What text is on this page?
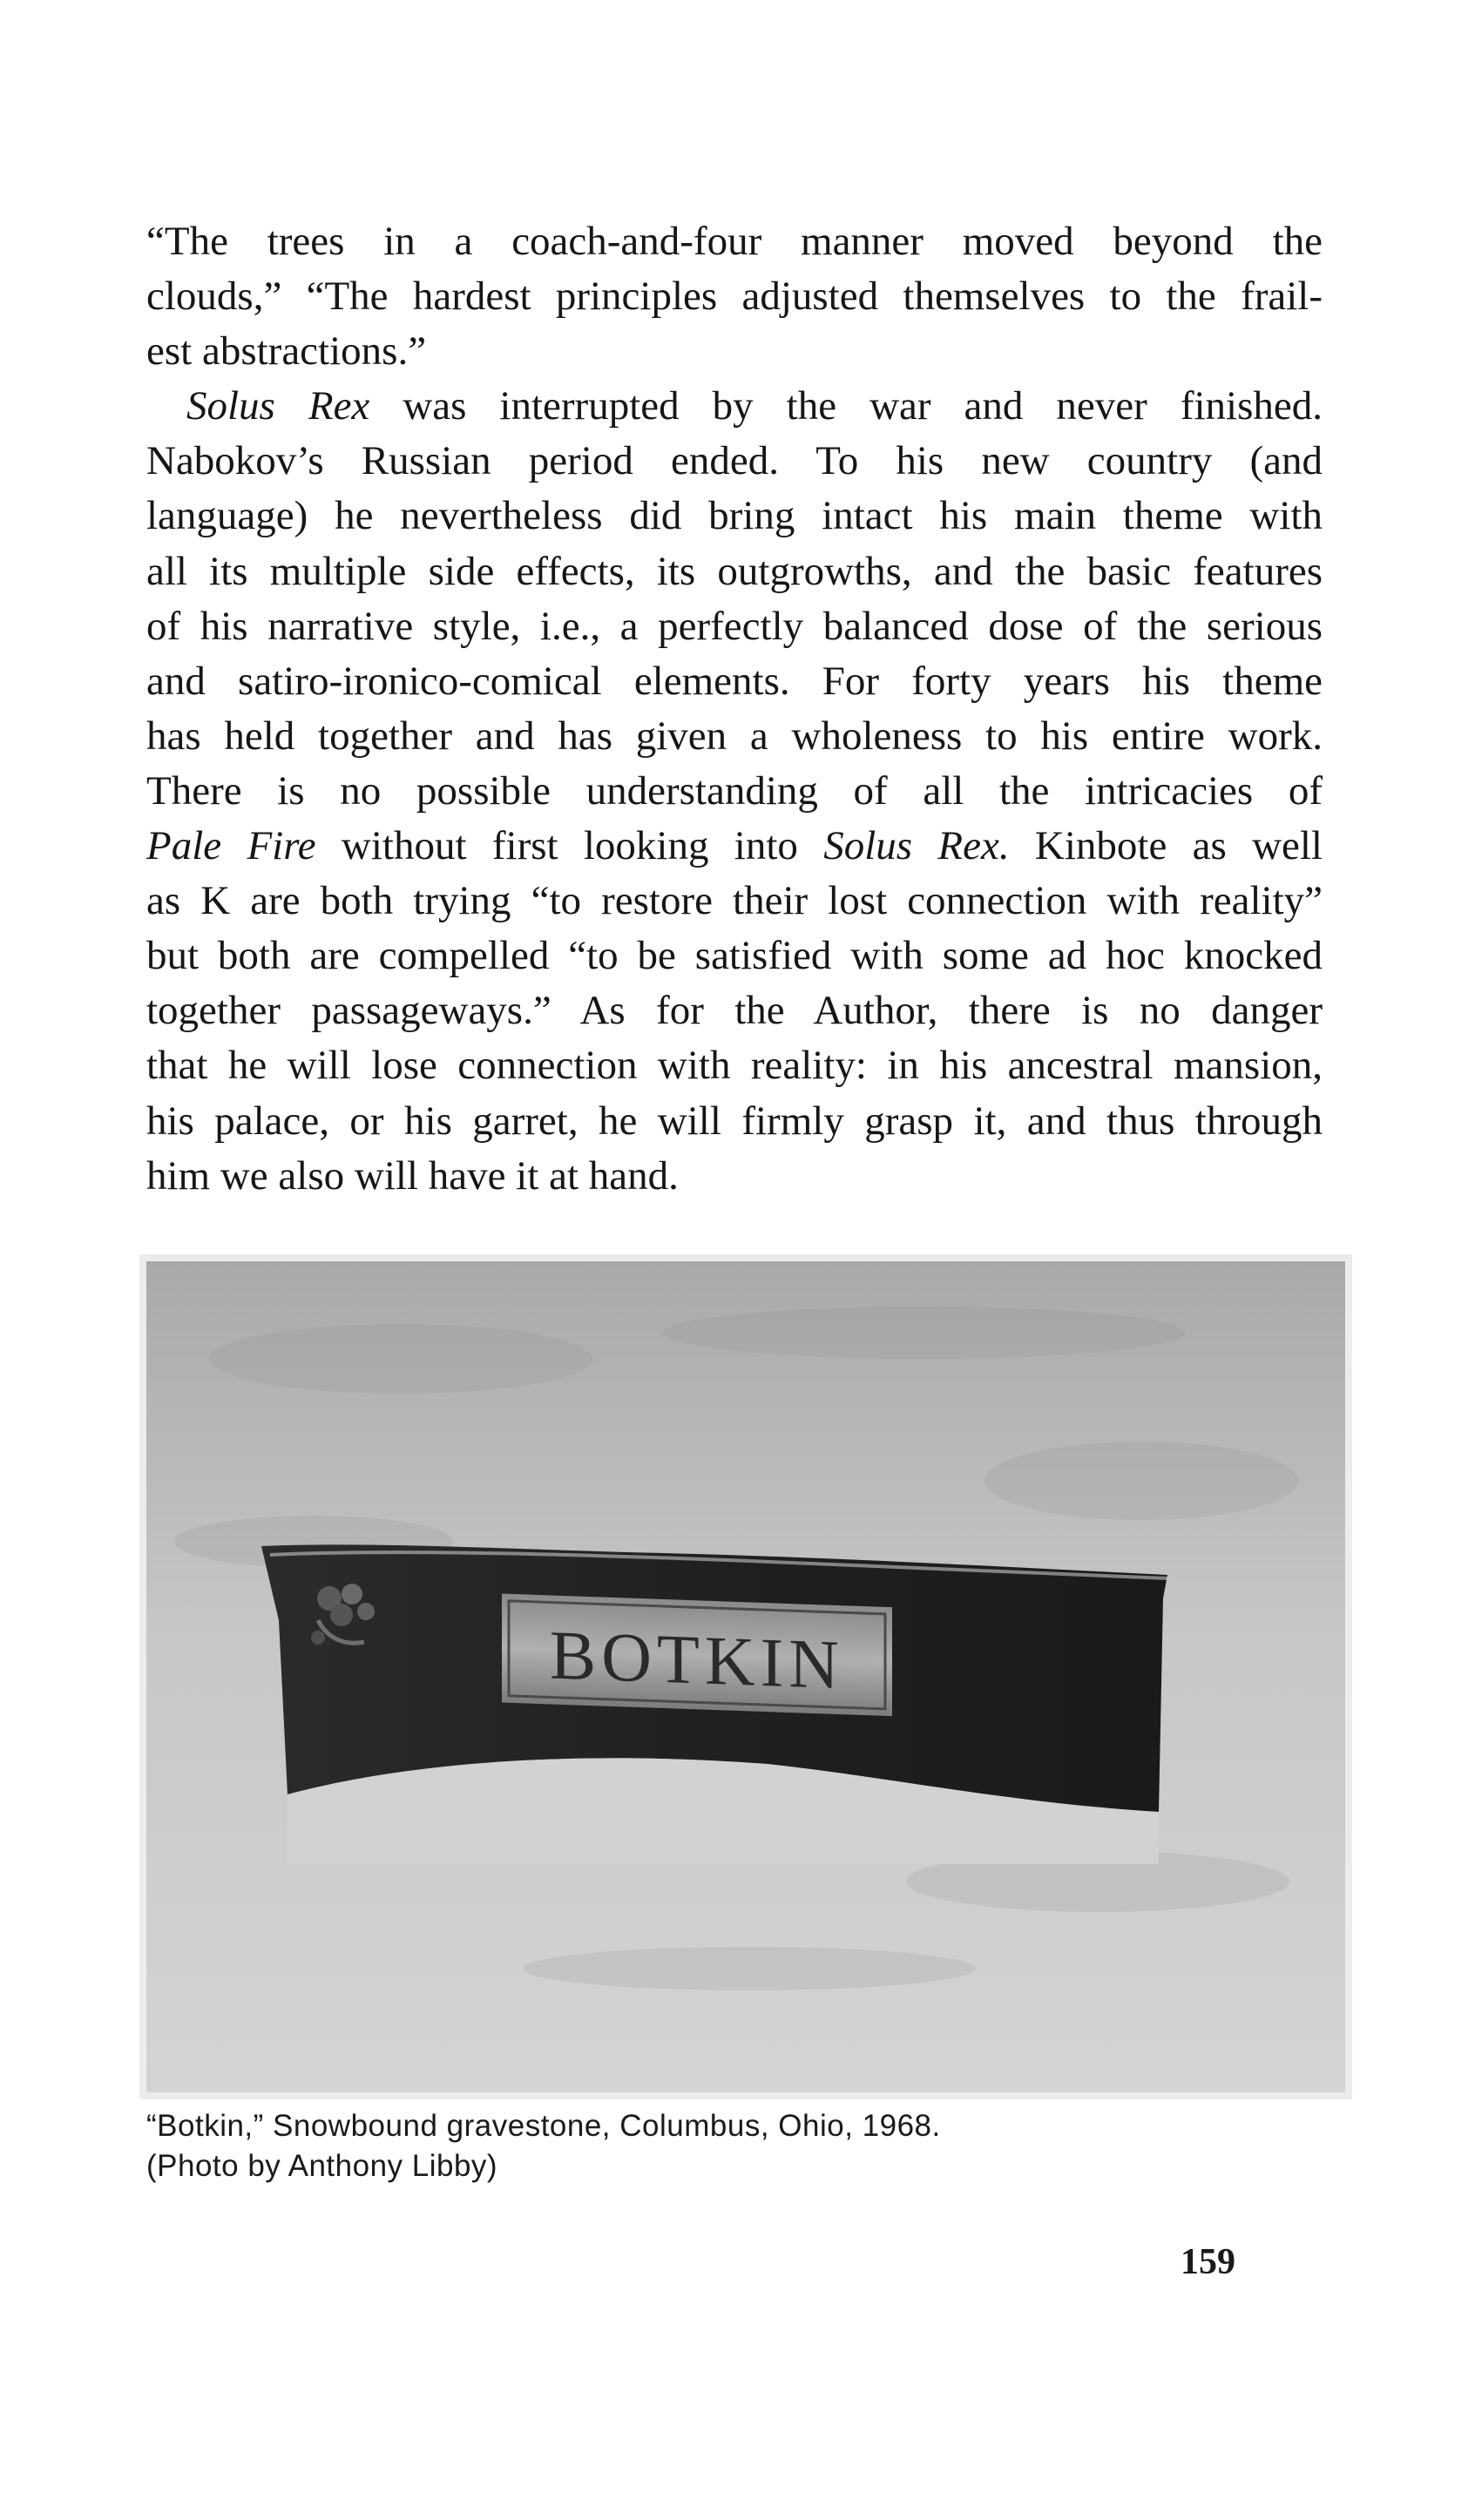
“The trees in a coach-and-four manner moved beyond the
clouds,” “The hardest principles adjusted themselves to the frail-
est abstractions.”
Solus Rex was interrupted by the war and never finished.
Nabokov’s Russian period ended. To his new country (and
language) he nevertheless did bring intact his main theme with
all its multiple side effects, its outgrowths, and the basic features
of his narrative style, i.e., a perfectly balanced dose of the serious
and satiro-ironico-comical elements. For forty years his theme
has held together and has given a wholeness to his entire work.
There is no possible understanding of all the intricacies of
Pale Fire without first looking into Solus Rex. Kinbote as well
as K are both trying “to restore their lost connection with reality”
but both are compelled “to be satisfied with some ad hoc knocked
together passageways.” As for the Author, there is no danger
that he will lose connection with reality: in his ancestral mansion,
his palace, or his garret, he will firmly grasp it, and thus through
him we also will have it at hand.
BOTKIN
“Botkin,” Snowbound gravestone, Columbus, Ohio, 1968.
(Photo by Anthony Libby)
159
